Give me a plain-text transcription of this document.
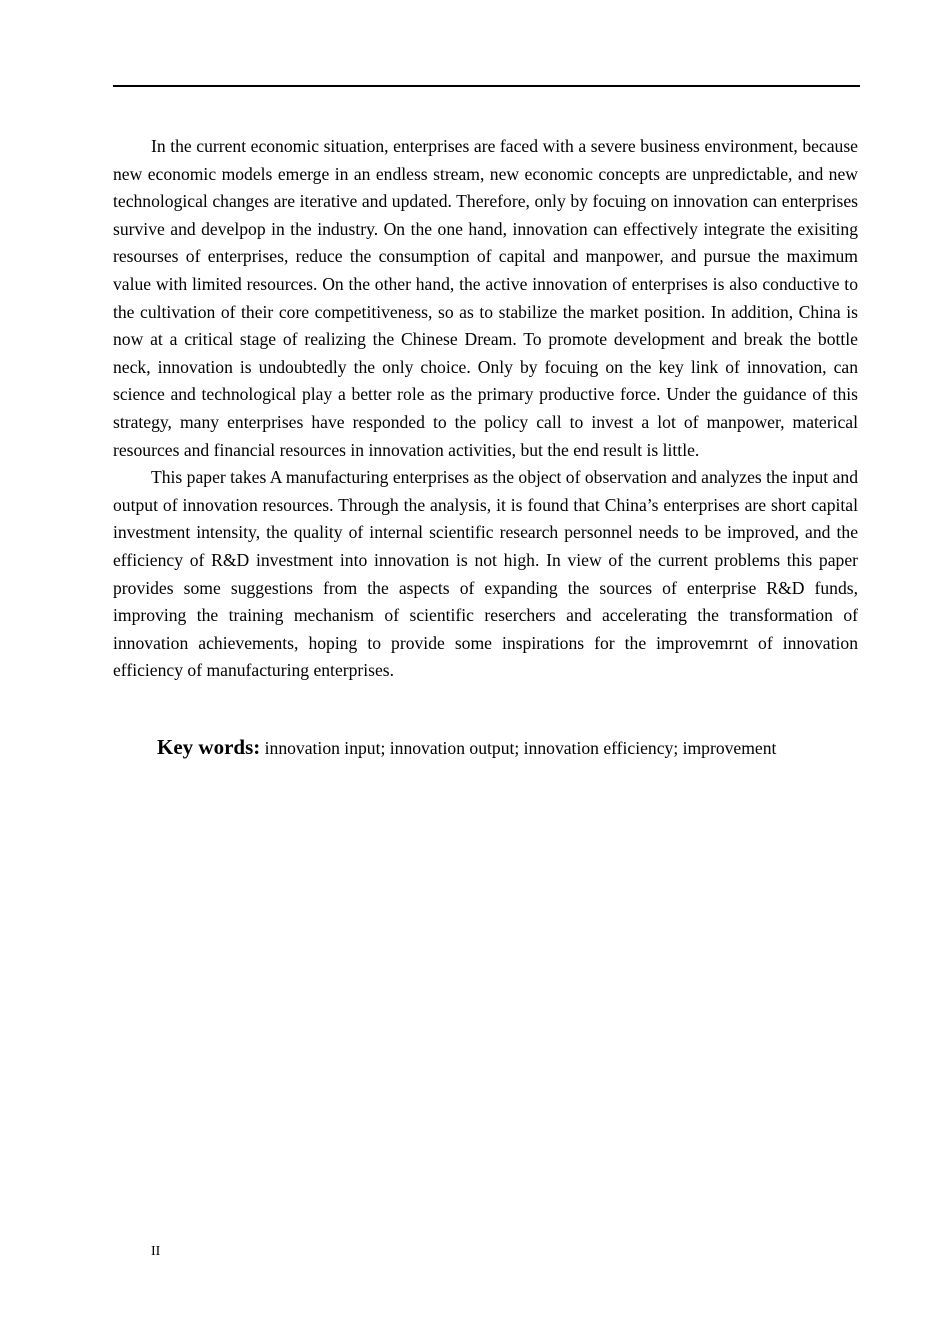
In the current economic situation, enterprises are faced with a severe business environment, because new economic models emerge in an endless stream, new economic concepts are unpredictable, and new technological changes are iterative and updated. Therefore, only by focuing on innovation can enterprises survive and develpop in the industry. On the one hand, innovation can effectively integrate the exisiting resourses of enterprises, reduce the consumption of capital and manpower, and pursue the maximum value with limited resources. On the other hand, the active innovation of enterprises is also conductive to the cultivation of their core competitiveness, so as to stabilize the market position. In addition, China is now at a critical stage of realizing the Chinese Dream. To promote development and break the bottle neck, innovation is undoubtedly the only choice. Only by focuing on the key link of innovation, can science and technological play a better role as the primary productive force. Under the guidance of this strategy, many enterprises have responded to the policy call to invest a lot of manpower, materical resources and financial resources in innovation activities, but the end result is little.

This paper takes A manufacturing enterprises as the object of observation and analyzes the input and output of innovation resources. Through the analysis, it is found that China’s enterprises are short capital investment intensity, the quality of internal scientific research personnel needs to be improved, and the efficiency of R&D investment into innovation is not high. In view of the current problems this paper provides some suggestions from the aspects of expanding the sources of enterprise R&D funds, improving the training mechanism of scientific reserchers and accelerating the transformation of innovation achievements, hoping to provide some inspirations for the improvemrnt of innovation efficiency of manufacturing enterprises.

Key words: innovation input; innovation output; innovation efficiency; improvement
II
